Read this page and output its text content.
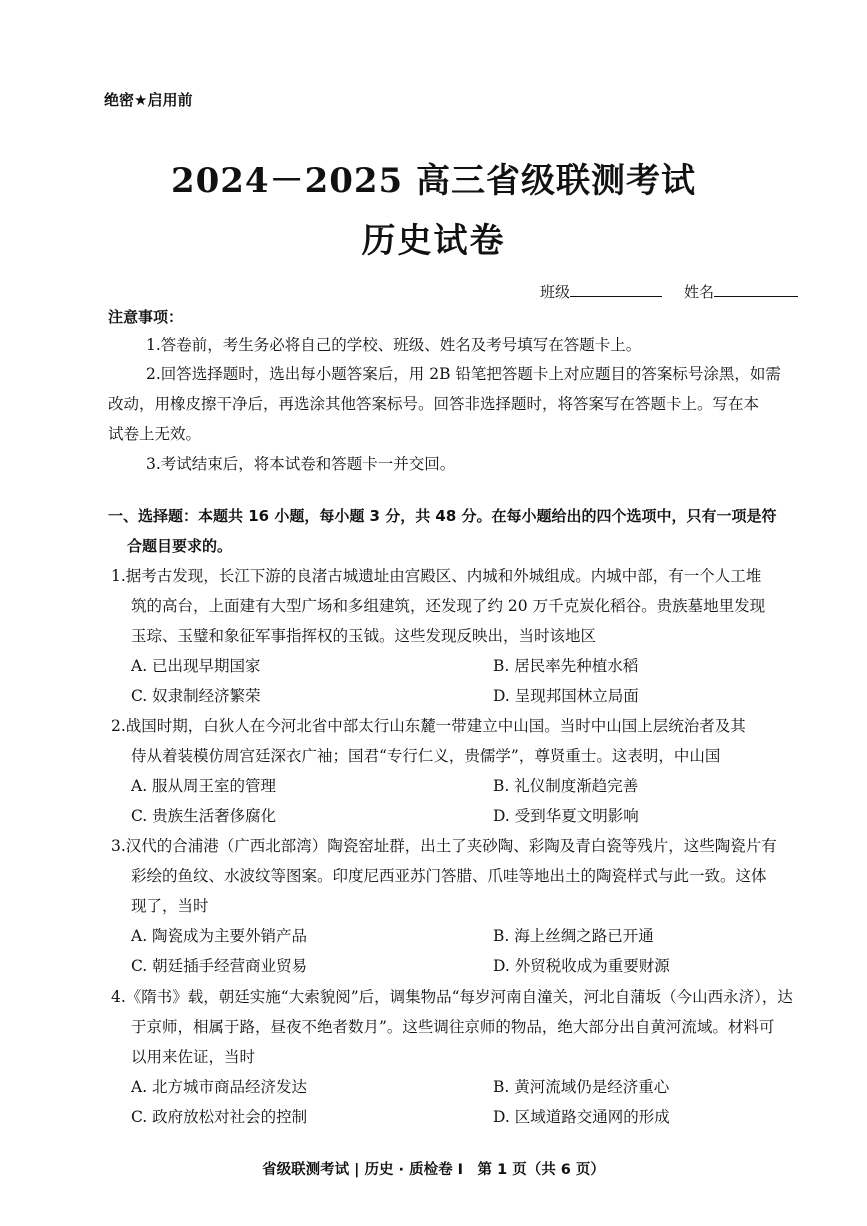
绝密★启用前
2024－2025 高三省级联测考试
历史试卷
班级	姓名
注意事项：
1.答卷前，考生务必将自己的学校、班级、姓名及考号填写在答题卡上。
2.回答选择题时，选出每小题答案后，用 2B 铅笔把答题卡上对应题目的答案标号涂黑，如需
改动，用橡皮擦干净后，再选涂其他答案标号。回答非选择题时，将答案写在答题卡上。写在本
试卷上无效。
3.考试结束后，将本试卷和答题卡一并交回。
一、选择题：本题共 16 小题，每小题 3 分，共 48 分。在每小题给出的四个选项中，只有一项是符
合题目要求的。
1.据考古发现，长江下游的良渚古城遗址由宫殿区、内城和外城组成。内城中部，有一个人工堆
筑的高台，上面建有大型广场和多组建筑，还发现了约 20 万千克炭化稻谷。贵族墓地里发现
玉琮、玉璧和象征军事指挥权的玉钺。这些发现反映出，当时该地区
A. 已出现早期国家	B. 居民率先种植水稻
C. 奴隶制经济繁荣	D. 呈现邦国林立局面
2.战国时期，白狄人在今河北省中部太行山东麓一带建立中山国。当时中山国上层统治者及其
侍从着装模仿周宫廷深衣广袖；国君“专行仁义，贵儒学”，尊贤重士。这表明，中山国
A. 服从周王室的管理	B. 礼仪制度渐趋完善
C. 贵族生活奢侈腐化	D. 受到华夏文明影响
3.汉代的合浦港（广西北部湾）陶瓷窑址群，出土了夹砂陶、彩陶及青白瓷等残片，这些陶瓷片有
彩绘的鱼纹、水波纹等图案。印度尼西亚苏门答腊、爪哇等地出土的陶瓷样式与此一致。这体
现了，当时
A. 陶瓷成为主要外销产品	B. 海上丝绸之路已开通
C. 朝廷插手经营商业贸易	D. 外贸税收成为重要财源
4.《隋书》载，朝廷实施“大索貌阅”后，调集物品“每岁河南自潼关，河北自蒲坂（今山西永济），达
于京师，相属于路，昼夜不绝者数月”。这些调往京师的物品，绝大部分出自黄河流域。材料可
以用来佐证，当时
A. 北方城市商品经济发达	B. 黄河流域仍是经济重心
C. 政府放松对社会的控制	D. 区域道路交通网的形成
省级联测考试 | 历史 · 质检卷 Ⅰ　第 1 页（共 6 页）
